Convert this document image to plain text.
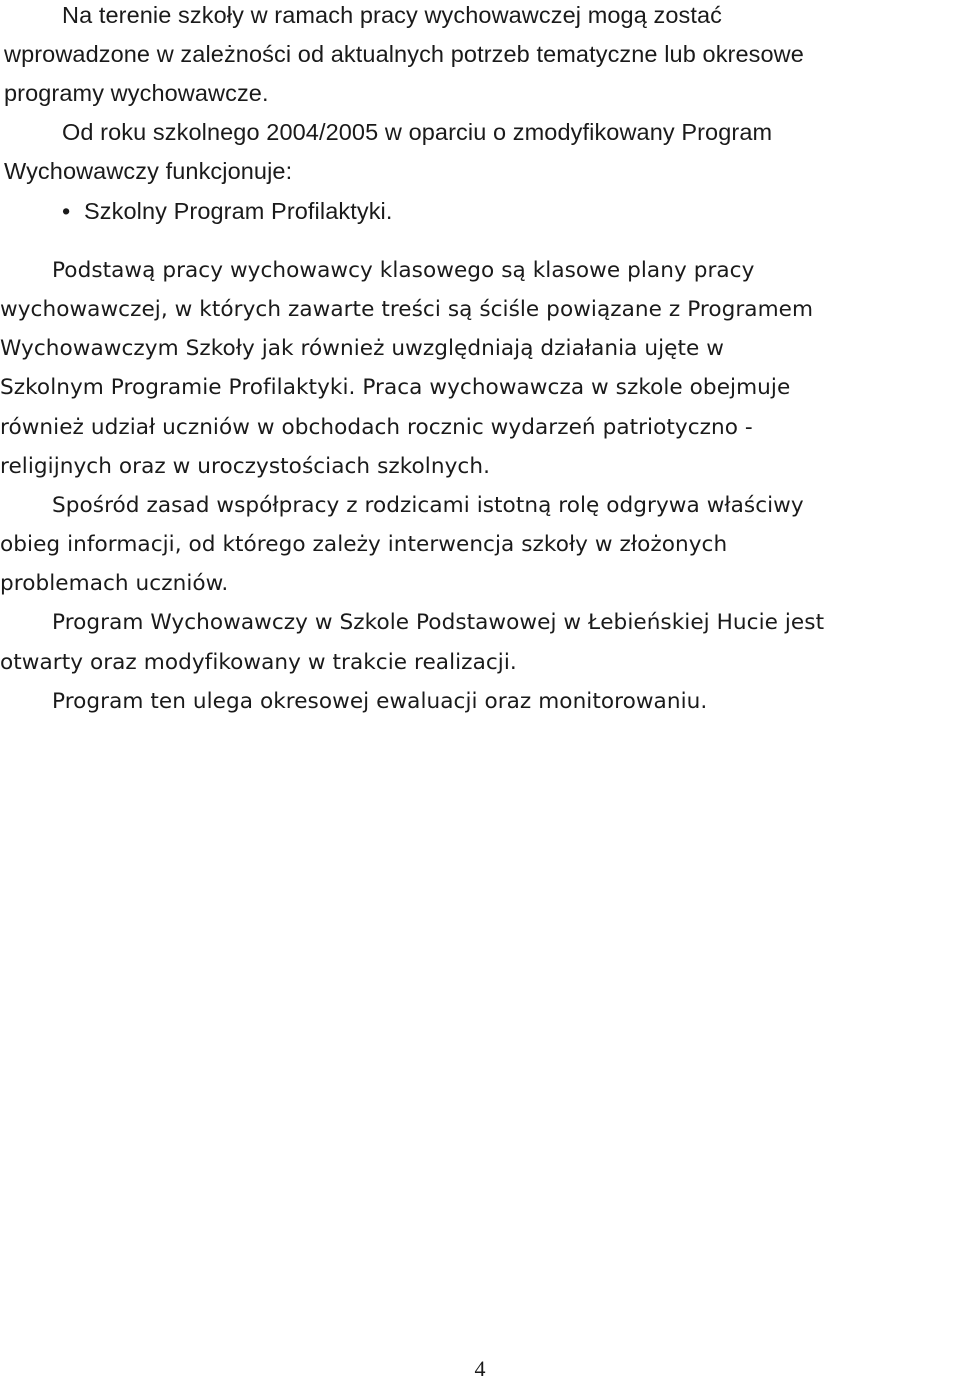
Na terenie szkoły w ramach pracy wychowawczej mogą zostać
wprowadzone w zależności od aktualnych potrzeb tematyczne lub okresowe
programy wychowawcze.
Od roku szkolnego 2004/2005 w oparciu o zmodyfikowany Program
Wychowawczy funkcjonuje:
• Szkolny Program Profilaktyki.
Podstawą pracy wychowawcy klasowego są klasowe plany pracy
wychowawczej, w których zawarte treści są ściśle powiązane z Programem
Wychowawczym Szkoły jak również uwzględniają działania ujęte w
Szkolnym Programie Profilaktyki. Praca wychowawcza w szkole obejmuje
również udział uczniów w obchodach rocznic wydarzeń patriotyczno -
religijnych oraz w uroczystościach szkolnych.
Spośród zasad współpracy z rodzicami istotną rolę odgrywa właściwy
obieg informacji, od którego zależy interwencja szkoły w złożonych
problemach uczniów.
Program Wychowawczy w Szkole Podstawowej w Łebieńskiej Hucie jest
otwarty oraz modyfikowany w trakcie realizacji.
Program ten ulega okresowej ewaluacji oraz monitorowaniu.
4
